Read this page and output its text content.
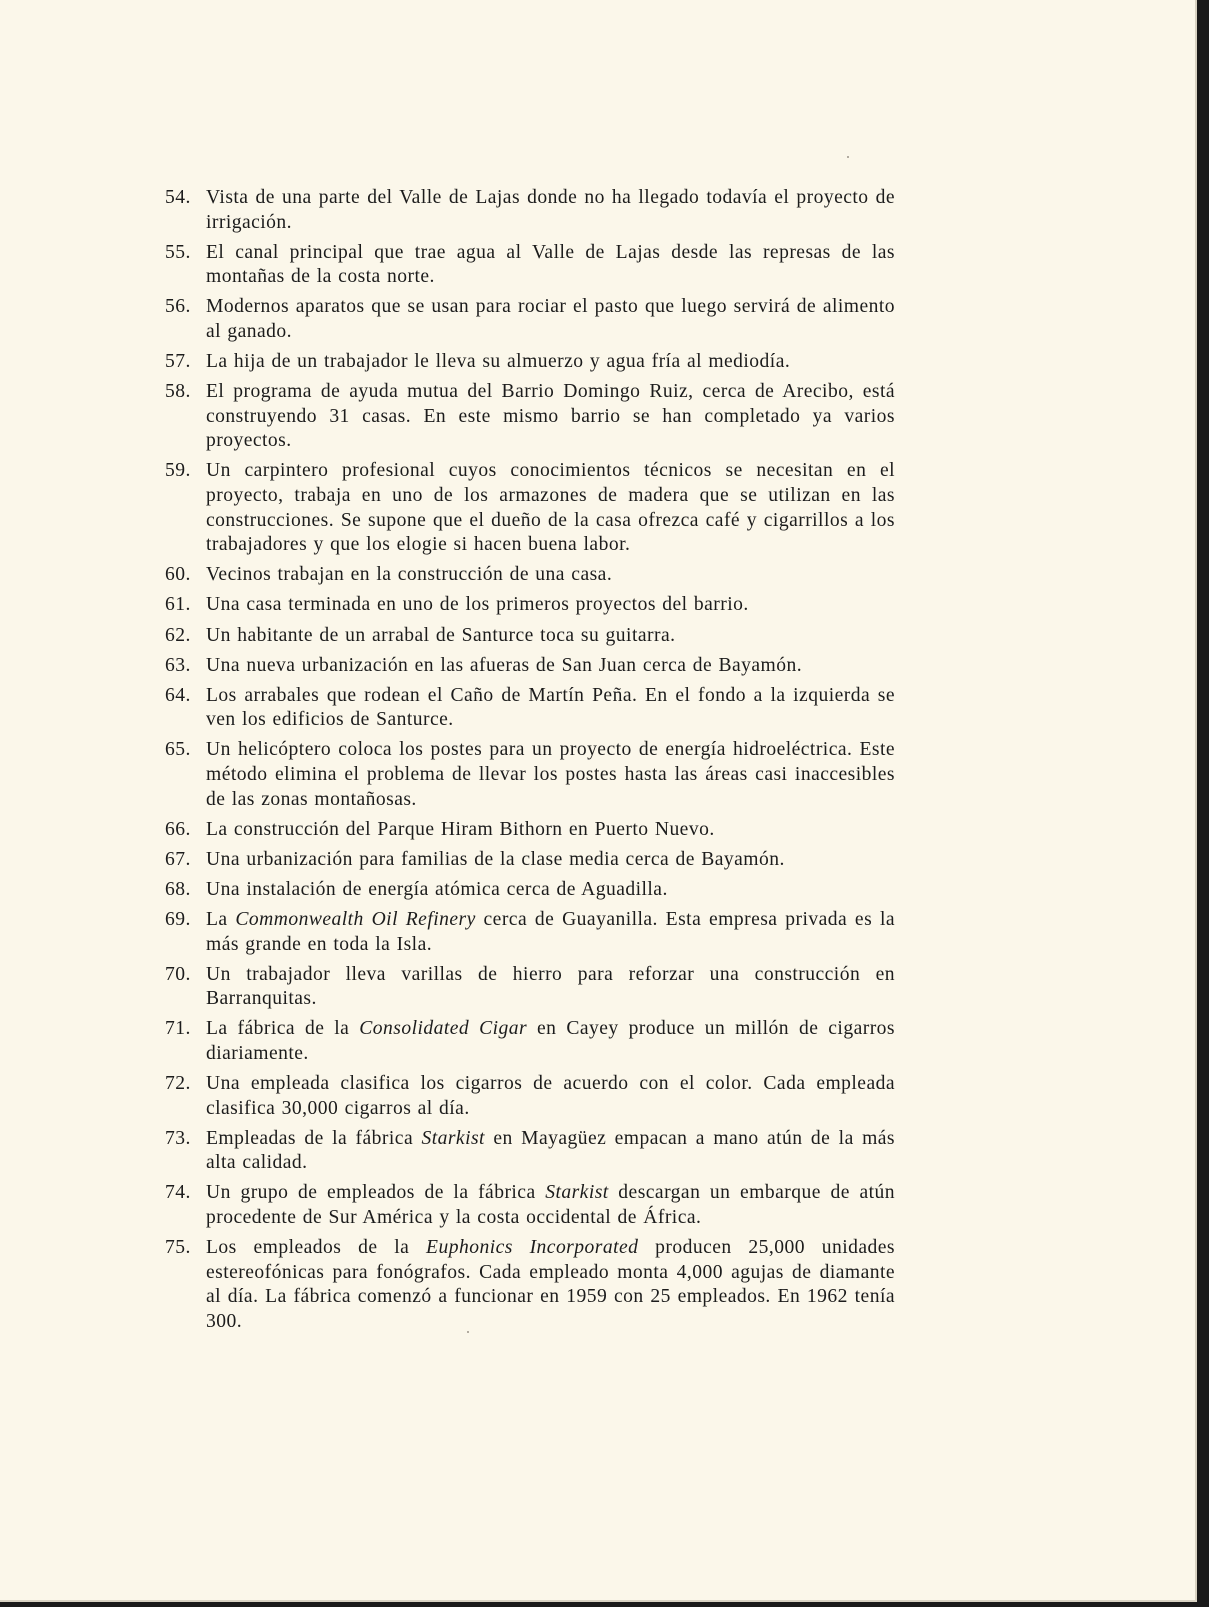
54. Vista de una parte del Valle de Lajas donde no ha llegado todavía el proyecto de irrigación.
55. El canal principal que trae agua al Valle de Lajas desde las represas de las montañas de la costa norte.
56. Modernos aparatos que se usan para rociar el pasto que luego servirá de alimento al ganado.
57. La hija de un trabajador le lleva su almuerzo y agua fría al mediodía.
58. El programa de ayuda mutua del Barrio Domingo Ruiz, cerca de Arecibo, está construyendo 31 casas. En este mismo barrio se han completado ya varios proyectos.
59. Un carpintero profesional cuyos conocimientos técnicos se necesitan en el proyecto, trabaja en uno de los armazones de madera que se utilizan en las construcciones. Se supone que el dueño de la casa ofrezca café y cigarrillos a los trabajadores y que los elogie si hacen buena labor.
60. Vecinos trabajan en la construcción de una casa.
61. Una casa terminada en uno de los primeros proyectos del barrio.
62. Un habitante de un arrabal de Santurce toca su guitarra.
63. Una nueva urbanización en las afueras de San Juan cerca de Bayamón.
64. Los arrabales que rodean el Caño de Martín Peña. En el fondo a la izquierda se ven los edificios de Santurce.
65. Un helicóptero coloca los postes para un proyecto de energía hidroeléctrica. Este método elimina el problema de llevar los postes hasta las áreas casi inaccesibles de las zonas montañosas.
66. La construcción del Parque Hiram Bithorn en Puerto Nuevo.
67. Una urbanización para familias de la clase media cerca de Bayamón.
68. Una instalación de energía atómica cerca de Aguadilla.
69. La Commonwealth Oil Refinery cerca de Guayanilla. Esta empresa privada es la más grande en toda la Isla.
70. Un trabajador lleva varillas de hierro para reforzar una construcción en Barranquitas.
71. La fábrica de la Consolidated Cigar en Cayey produce un millón de cigarros diariamente.
72. Una empleada clasifica los cigarros de acuerdo con el color. Cada empleada clasifica 30,000 cigarros al día.
73. Empleadas de la fábrica Starkist en Mayagüez empacan a mano atún de la más alta calidad.
74. Un grupo de empleados de la fábrica Starkist descargan un embarque de atún procedente de Sur América y la costa occidental de África.
75. Los empleados de la Euphonics Incorporated producen 25,000 unidades estereofónicas para fonógrafos. Cada empleado monta 4,000 agujas de diamante al día. La fábrica comenzó a funcionar en 1959 con 25 empleados. En 1962 tenía 300.
